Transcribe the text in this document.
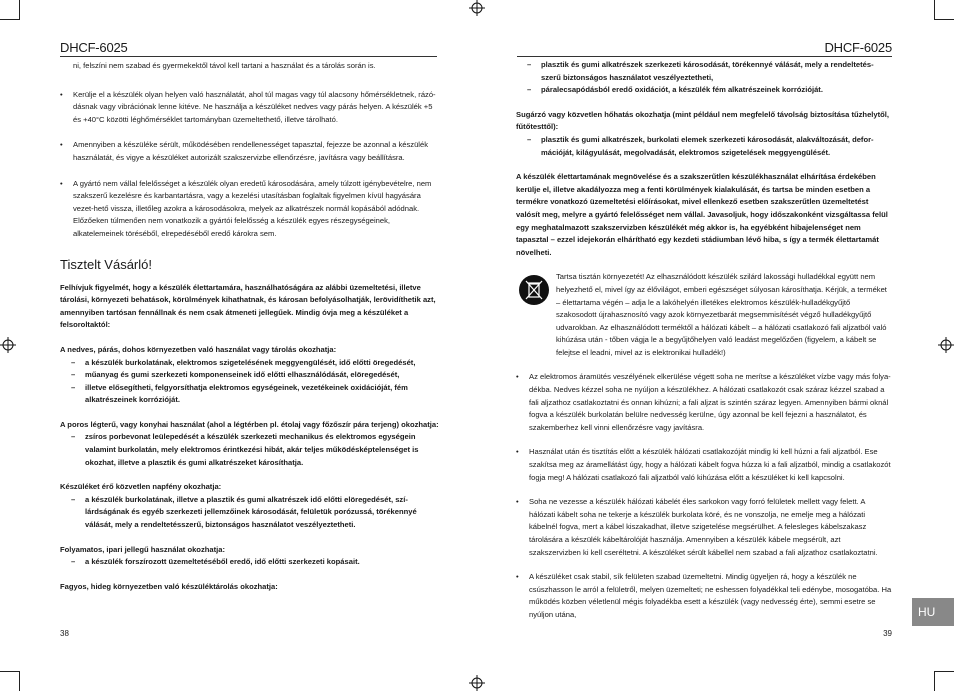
DHCF-6025

ni, felszíni nem szabad és gyermekektől távol kell tartani a használat és a tárolás során is.

• Kerülje el a készülék olyan helyen való használatát, ahol túl magas vagy túl alacsony hőmérsékletnek, rázó-dásnak vagy vibrációnak lenne kitéve. Ne használja a készüléket nedves vagy párás helyen. A készülék +5 és +40°C közötti léghőmérséklet tartományban üzemeltethető, illetve tárolható.

• Amennyiben a készüléke sérült, működésében rendellenességet tapasztal, fejezze be azonnal a készülék használatát, és vigye a készüléket autorizált szakszervizbe ellenőrzésre, javításra vagy beállításra.

• A gyártó nem vállal felelősséget a készülék olyan eredetű károsodására, amely túlzott igénybevételre, nem szakszerű kezelésre és karbantartásra, vagy a kezelési utasításban foglaltak figyelmen kívül hagyására vezet-hető vissza, illetőleg azokra a károsodásokra, melyek az alkatrészek normál kopásából adódnak. Előzőeken túlmenően nem vonatkozik a gyártói felelősség a készülék egyes részegységeinek, alkatelemeinek töréséből, elrepedéséből eredő károkra sem.

Tisztelt Vásárló!

Felhívjuk figyelmét, hogy a készülék élettartamára, használhatóságára az alábbi üzemeltetési, illetve tárolási, környezeti behatások, körülmények kihathatnak, és károsan befolyásolhatják, lerövidíthetik azt, amennyiben tartósan fennállnak és nem csak átmeneti jellegűek. Mindig óvja meg a készüléket a felsoroltaktól:

A nedves, párás, dohos környezetben való használat vagy tárolás okozhatja:

– a készülék burkolatának, elektromos szigetelésének meggyengülését, idő előtti öregedését,

– műanyag és gumi szerkezeti komponenseinek idő előtti elhasználódását, elöregedését,

– illetve elősegítheti, felgyorsíthatja elektromos egységeinek, vezetékeinek oxidációját, fém alkatrészeinek korrózióját.

A poros légterű, vagy konyhai használat (ahol a légtérben pl. étolaj vagy főzőszír pára terjeng) okozhatja:

– zsíros porbevonat leülepedését a készülék szerkezeti mechanikus és elektromos egységein valamint burkolatán, mely elektromos érintkezési hibát, akár teljes működésképtelenséget is okozhat, illetve a plasztik és gumi alkatrészeket károsíthatja.

Készüléket érő közvetlen napfény okozhatja:

– a készülék burkolatának, illetve a plasztik és gumi alkatrészek idő előtti elöregedését, szí-lárdságának és egyéb szerkezeti jellemzőinek károsodását, felületük porózussá, törékennyé válását, mely a rendeltetésszerű, biztonságos használatot veszélyeztetheti.

Folyamatos, ipari jellegű használat okozhatja:

– a készülék forszírozott üzemeltetéséből eredő, idő előtti szerkezeti kopásait.

Fagyos, hideg környezetben való készüléktárolás okozhatja:

38
DHCF-6025

– plasztik és gumi alkatrészek szerkezeti károsodását, törékennyé válását, mely a rendeltetés-szerű biztonságos használatot veszélyeztetheti,

– páralecsapódásból eredő oxidációt, a készülék fém alkatrészeinek korrózióját.

Sugárzó vagy közvetlen hőhatás okozhatja (mint például nem megfelelő távolság biztosítása tűzhelytől, fűtőtesttől):

– plasztik és gumi alkatrészek, burkolati elemek szerkezeti károsodását, alakváltozását, defor-mációját, kilágyulását, megolvadását, elektromos szigetelések meggyengülését.

A készülék élettartamának megnövelése és a szakszerűtlen készülékhasználat elhárítása érdekében kerülje el, illetve akadályozza meg a fenti körülmények kialakulását, és tartsa be minden esetben a termékre vonatkozó üzemeltetési előírásokat, mivel ellenkező esetben szakszerűtlen üzemeltetést valósít meg, melyre a gyártó felelősséget nem vállal. Javasoljuk, hogy időszakonként vizsgáltassa felül egy meghatalmazott szakszervizben készülékét még akkor is, ha egyébként hibajelenséget nem tapasztal – ezzel idejekorán elhárítható egy kezdeti stádiumban lévő hiba, s így a termék élettartamát növelheti.

Tartsa tisztán környezetét! Az elhasználódott készülék szilárd lakossági hulladékkal együtt nem helyezhető el, mivel így az élővilágot, emberi egészséget súlyosan károsíthatja. Kérjük, a terméket – élettartama végén – adja le a lakóhelyén illetékes elektromos készülék-hulladékgyűjtő szakosodott újrahasznosító vagy azok környezetbarát megsemmisítését végző hulladékgyűjtő udvarokban. Az elhasználódott terméktől a hálózati kábelt – a hálózati csatlakozó fali aljzatból való kihúzása után - tőben vágja le a begyűjtőhelyen való leadást megelőzően (figyelem, a kábelt se felejtse el leadni, mivel az is elektronikai hulladék!)

• Az elektromos áramütés veszélyének elkerülése végett soha ne merítse a készüléket vízbe vagy más folya-dékba. Nedves kézzel soha ne nyúljon a készülékhez. A hálózati csatlakozót csak száraz kézzel szabad a fali aljzathoz csatlakoztatni és onnan kihúzni; a fali aljzat is szintén száraz legyen. Amennyiben bármi oknál fogva a készülék burkolatán belülre nedvesség kerülne, úgy azonnal be kell fejezni a használatot, és szakemberhez kell vinni ellenőrzésre vagy javításra.

• Használat után és tisztítás előtt a készülék hálózati csatlakozóját mindig ki kell húzni a fali aljzatból. Ese szakítsa meg az áramellátást úgy, hogy a hálózati kábelt fogva húzza ki a fali aljzatból, mindig a csatlakozót fogja meg! A hálózati csatlakozó fali aljzatból való kihúzása előtt a készüléket ki kell kapcsolni.

• Soha ne vezesse a készülék hálózati kábelét éles sarkokon vagy forró felületek mellett vagy felett. A hálózati kábelt soha ne tekerje a készülék burkolata köré, és ne vonszolja, ne emelje meg a hálózati kábelnél fogva, mert a kábel kiszakadhat, illetve szigetelése megsérülhet. A felesleges kábelszakasz tárolására a készülék kábeltárolóját használja. Amennyiben a készülék kábele megsérült, azt szakszervizben ki kell cseréltetni. A készüléket sérült kábellel nem szabad a fali aljzathoz csatlakoztatni.

• A készüléket csak stabil, sík felületen szabad üzemeltetni. Mindig ügyeljen rá, hogy a készülék ne csúszhasson le arról a felületről, melyen üzemelteti; ne eshessen folyadékkal teli edénybe, mosogatóba. Ha működés közben véletlenül mégis folyadékba esett a készülék (vagy nedvesség érte), semmi esetre se nyúljon utána,

39
HU
